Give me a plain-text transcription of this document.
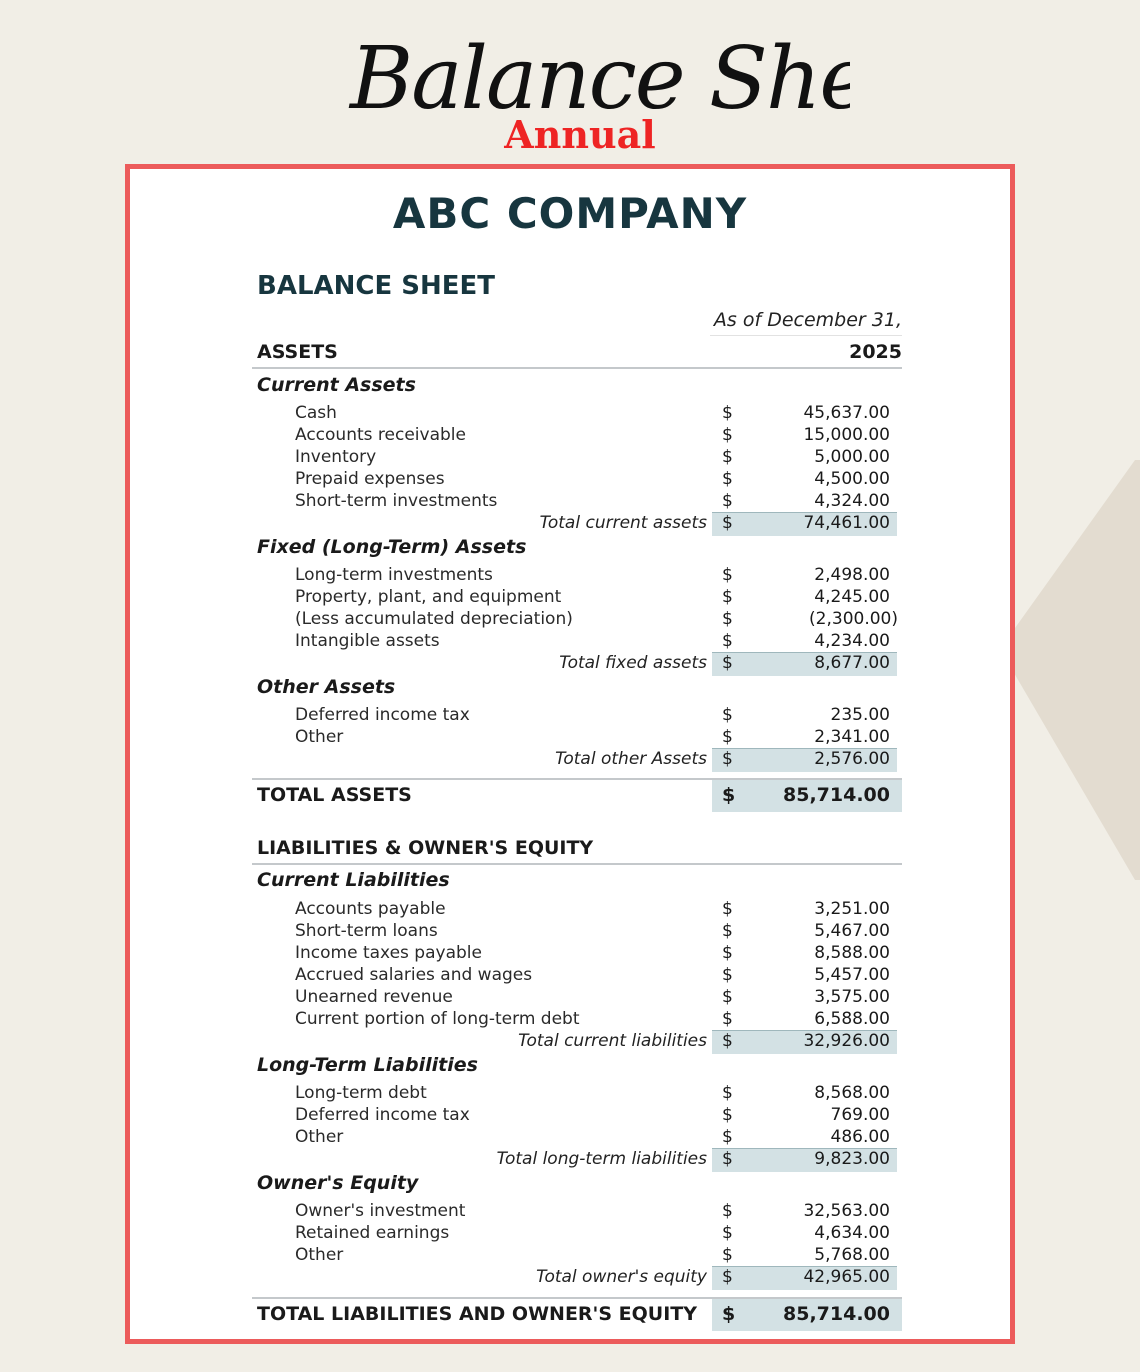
Balance Sh
Annual
ABC COMPANY
BALANCE SHEET
As of December 31,
ASSETS	2025
Current Assets
Cash	$	45,637.00
Accounts receivable	$	15,000.00
Inventory	$	5,000.00
Prepaid expenses	$	4,500.00
Short-term investments	$	4,324.00
Total current assets $	74,461.00
Fixed (Long-Term) Assets
Long-term investments	$	2,498.00
Property, plant, and equipment	$	4,245.00
(Less accumulated depreciation)	$	(2,300.00)
Intangible assets	$	4,234.00
Total fixed assets $	8,677.00
Other Assets
Deferred income tax	$	235.00
Other	$	2,341.00
Total other Assets $	2,576.00
TOTAL ASSETS	$	85,714.00
LIABILITIES & OWNER'S EQUITY
Current Liabilities
Accounts payable	$	3,251.00
Short-term loans	$	5,467.00
Income taxes payable	$	8,588.00
Accrued salaries and wages	$	5,457.00
Unearned revenue	$	3,575.00
Current portion of long-term debt	$	6,588.00
Total current liabilities $	32,926.00
Long-Term Liabilities
Long-term debt	$	8,568.00
Deferred income tax	$	769.00
Other	$	486.00
Total long-term liabilities $	9,823.00
Owner's Equity
Owner's investment	$	32,563.00
Retained earnings	$	4,634.00
Other	$	5,768.00
Total owner's equity $	42,965.00
TOTAL LIABILITIES AND OWNER'S EQUITY $	85,714.00
